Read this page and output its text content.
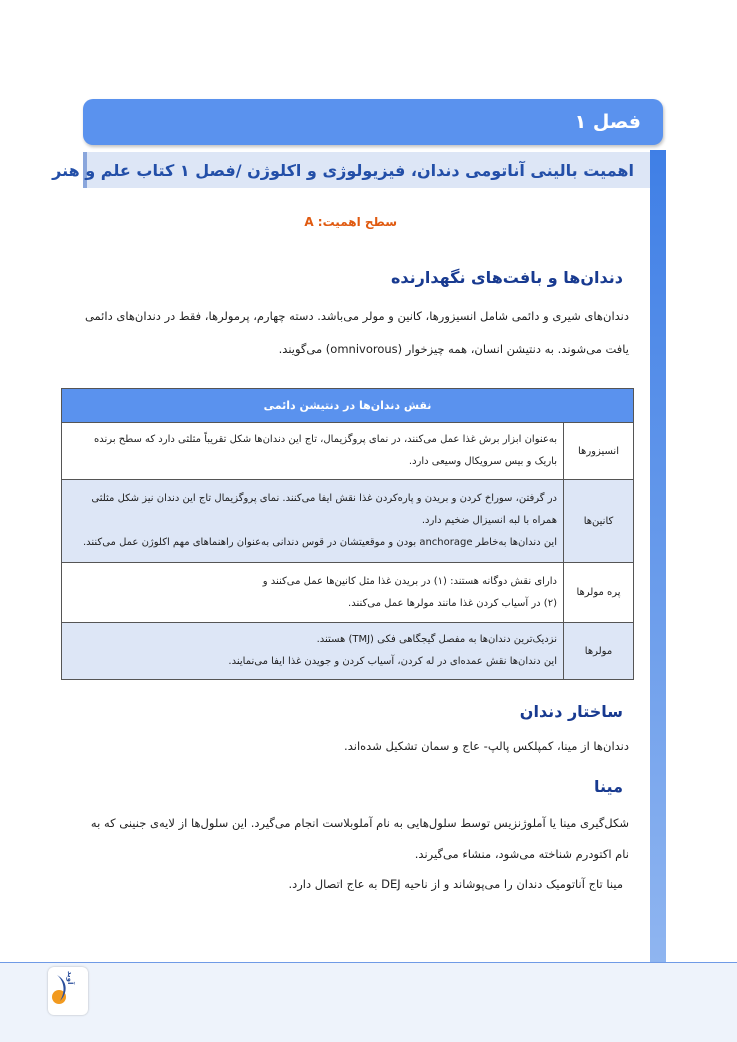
فصل ۱
اهمیت بالینی آناتومی دندان، فیزیولوژی و اکلوژن /فصل ۱ کتاب علم و هنر
سطح اهمیت: A
دندان‌ها و بافت‌های نگهدارنده
دندان‌های شیری و دائمی شامل انسیزورها، کانین و مولر می‌باشد. دسته چهارم، پرمولرها، فقط در دندان‌های دائمی
یافت می‌شوند. به دنتیشن انسان، همه چیزخوار (omnivorous) می‌گویند.
نقش دندان‌ها در دنتیشن دائمی
انسیزورها
به‌عنوان ابزار برش غذا عمل می‌کنند، در نمای پروگزیمال، تاج این دندان‌ها شکل تقریباً مثلثی دارد که سطح برنده
باریک و بیس سرویکال وسیعی دارد.
کانین‌ها
در گرفتن، سوراخ کردن و بریدن و پاره‌کردن غذا نقش ایفا می‌کنند. نمای پروگزیمال تاج این دندان نیز شکل مثلثی
همراه با لبه انسیزال ضخیم دارد.
این دندان‌ها به‌خاطر anchorage بودن و موقعیتشان در قوس دندانی به‌عنوان راهنماهای مهم اکلوژن عمل می‌کنند.
پره مولرها
دارای نقش دوگانه هستند: (۱) در بریدن غذا مثل کانین‌ها عمل می‌کنند و
(۲) در آسیاب کردن غذا مانند مولرها عمل می‌کنند.
مولرها
نزدیک‌ترین دندان‌ها به مفصل گیجگاهی فکی (TMJ) هستند.
این دندان‌ها نقش عمده‌ای در له کردن، آسیاب کردن و جویدن غذا ایفا می‌نمایند.
ساختار دندان
دندان‌ها از مینا، کمپلکس پالپ- عاج و سمان تشکیل شده‌اند.
مینا
شکل‌گیری مینا یا آملوژنزیس توسط سلول‌هایی به نام آملوبلاست انجام می‌گیرد. این سلول‌ها از لایه‌ی جنینی که به
نام اکتودرم شناخته می‌شود، منشاء می‌گیرند.
مینا تاج آناتومیک دندان را می‌پوشاند و از ناحیه DEJ به عاج اتصال دارد.
آوید
